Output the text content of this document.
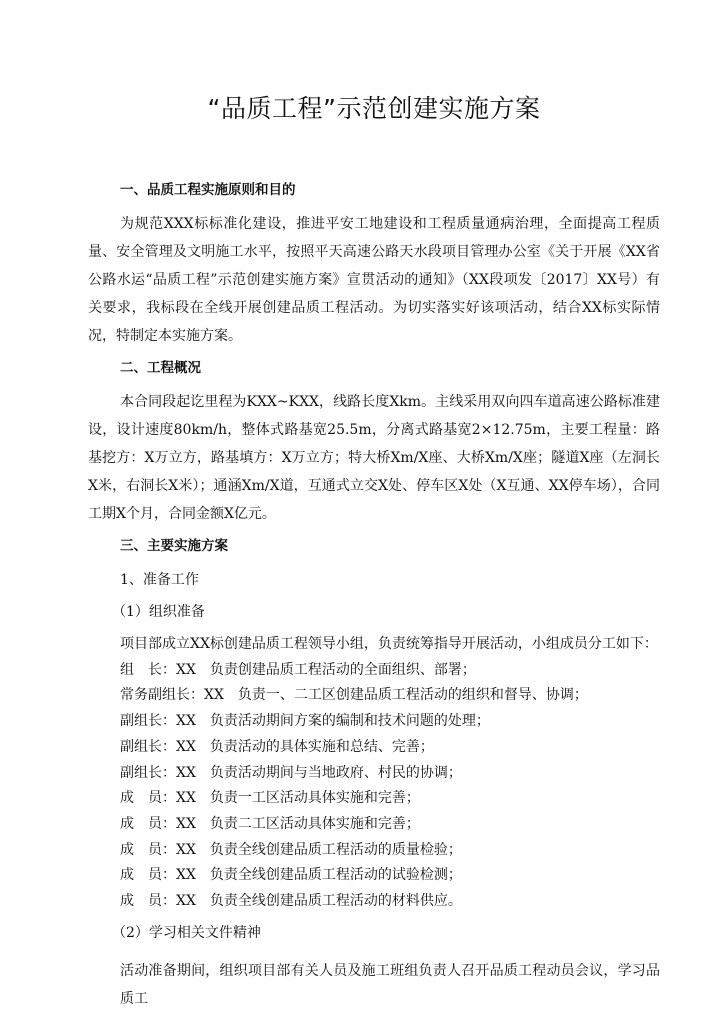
“品质工程”示范创建实施方案
一、品质工程实施原则和目的
为规范XXX标标准化建设，推进平安工地建设和工程质量通病治理，全面提高工程质量、安全管理及文明施工水平，按照平天高速公路天水段项目管理办公室《关于开展《XX省公路水运“品质工程”示范创建实施方案》宣贯活动的通知》（XX段项发〔2017〕XX号）有关要求，我标段在全线开展创建品质工程活动。为切实落实好该项活动，结合XX标实际情况，特制定本实施方案。
二、工程概况
本合同段起讫里程为KXX~KXX，线路长度Xkm。主线采用双向四车道高速公路标准建设，设计速度80km/h，整体式路基宽25.5m，分离式路基宽2×12.75m，主要工程量：路基挖方：X万立方，路基填方：X万立方；特大桥Xm/X座、大桥Xm/X座；隧道X座（左洞长X米，右洞长X米）；通涵Xm/X道，互通式立交X处、停车区X处（X互通、XX停车场），合同工期X个月，合同金额X亿元。
三、主要实施方案
1、准备工作
（1）组织准备
项目部成立XX标创建品质工程领导小组，负责统筹指导开展活动，小组成员分工如下：
组　长：XX　负责创建品质工程活动的全面组织、部署；
常务副组长：XX　负责一、二工区创建品质工程活动的组织和督导、协调；
副组长：XX　负责活动期间方案的编制和技术问题的处理；
副组长：XX　负责活动的具体实施和总结、完善；
副组长：XX　负责活动期间与当地政府、村民的协调；
成　员：XX　负责一工区活动具体实施和完善；
成　员：XX　负责二工区活动具体实施和完善；
成　员：XX　负责全线创建品质工程活动的质量检验；
成　员：XX　负责全线创建品质工程活动的试验检测；
成　员：XX　负责全线创建品质工程活动的材料供应。
（2）学习相关文件精神
活动准备期间，组织项目部有关人员及施工班组负责人召开品质工程动员会议，学习品质工
